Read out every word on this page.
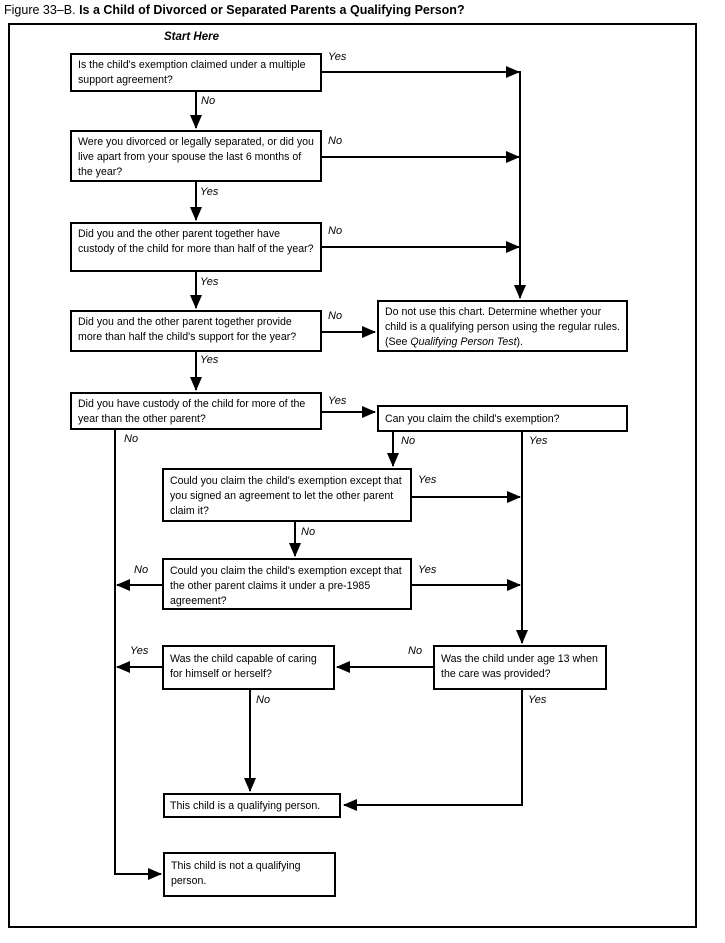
Figure 33–B. Is a Child of Divorced or Separated Parents a Qualifying Person?
Start Here
Is the child's exemption claimed under a multiple support agreement?
Were you divorced or legally separated, or did you live apart from your spouse the last 6 months of the year?
Did you and the other parent together have custody of the child for more than half of the year?
Did you and the other parent together provide more than half the child's support for the year?
Did you have custody of the child for more of the year than the other parent?
Do not use this chart. Determine whether your child is a qualifying person using the regular rules. (See Qualifying Person Test).
Can you claim the child's exemption?
Could you claim the child's exemption except that you signed an agreement to let the other parent claim it?
Could you claim the child's exemption except that the other parent claims it under a pre-1985 agreement?
Was the child capable of caring for himself or herself?
Was the child under age 13 when the care was provided?
This child is a qualifying person.
This child is not a qualifying person.
Yes
No
No
Yes
No
Yes
No
Yes
Yes
No	No	Yes
Yes
No
No	Yes
No
Yes
No	Yes
